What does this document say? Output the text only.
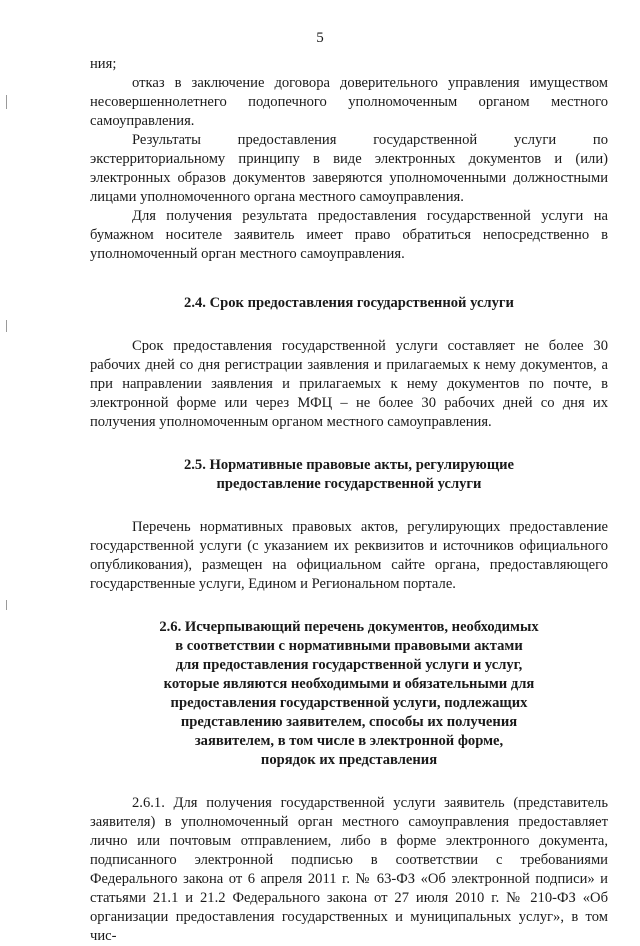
5

ния;

отказ в заключение договора доверительного управления имуществом несовершеннолетнего подопечного уполномоченным органом местного самоуправления.

Результаты предоставления государственной услуги по экстерриториальному принципу в виде электронных документов и (или) электронных образов документов заверяются уполномоченными должностными лицами уполномоченного органа местного самоуправления.

Для получения результата предоставления государственной услуги на бумажном носителе заявитель имеет право обратиться непосредственно в уполномоченный орган местного самоуправления.

2.4. Срок предоставления государственной услуги

Срок предоставления государственной услуги составляет не более 30 рабочих дней со дня регистрации заявления и прилагаемых к нему документов, а при направлении заявления и прилагаемых к нему документов по почте, в электронной форме или через МФЦ – не более 30 рабочих дней со дня их получения уполномоченным органом местного самоуправления.

2.5. Нормативные правовые акты, регулирующие
предоставление государственной услуги

Перечень нормативных правовых актов, регулирующих предоставление государственной услуги (с указанием их реквизитов и источников официального опубликования), размещен на официальном сайте органа, предоставляющего государственные услуги, Едином и Региональном портале.

2.6. Исчерпывающий перечень документов, необходимых
в соответствии с нормативными правовыми актами
для предоставления государственной услуги и услуг,
которые являются необходимыми и обязательными для
предоставления государственной услуги, подлежащих
представлению заявителем, способы их получения
заявителем, в том числе в электронной форме,
порядок их представления

2.6.1. Для получения государственной услуги заявитель (представитель заявителя) в уполномоченный орган местного самоуправления предоставляет лично или почтовым отправлением, либо в форме электронного документа, подписанного электронной подписью в соответствии с требованиями Федерального закона от 6 апреля 2011 г. № 63-ФЗ «Об электронной подписи» и статьями 21.1 и 21.2 Федерального закона от 27 июля 2010 г. № 210-ФЗ «Об организации предоставления государственных и муниципальных услуг», в том чис-
